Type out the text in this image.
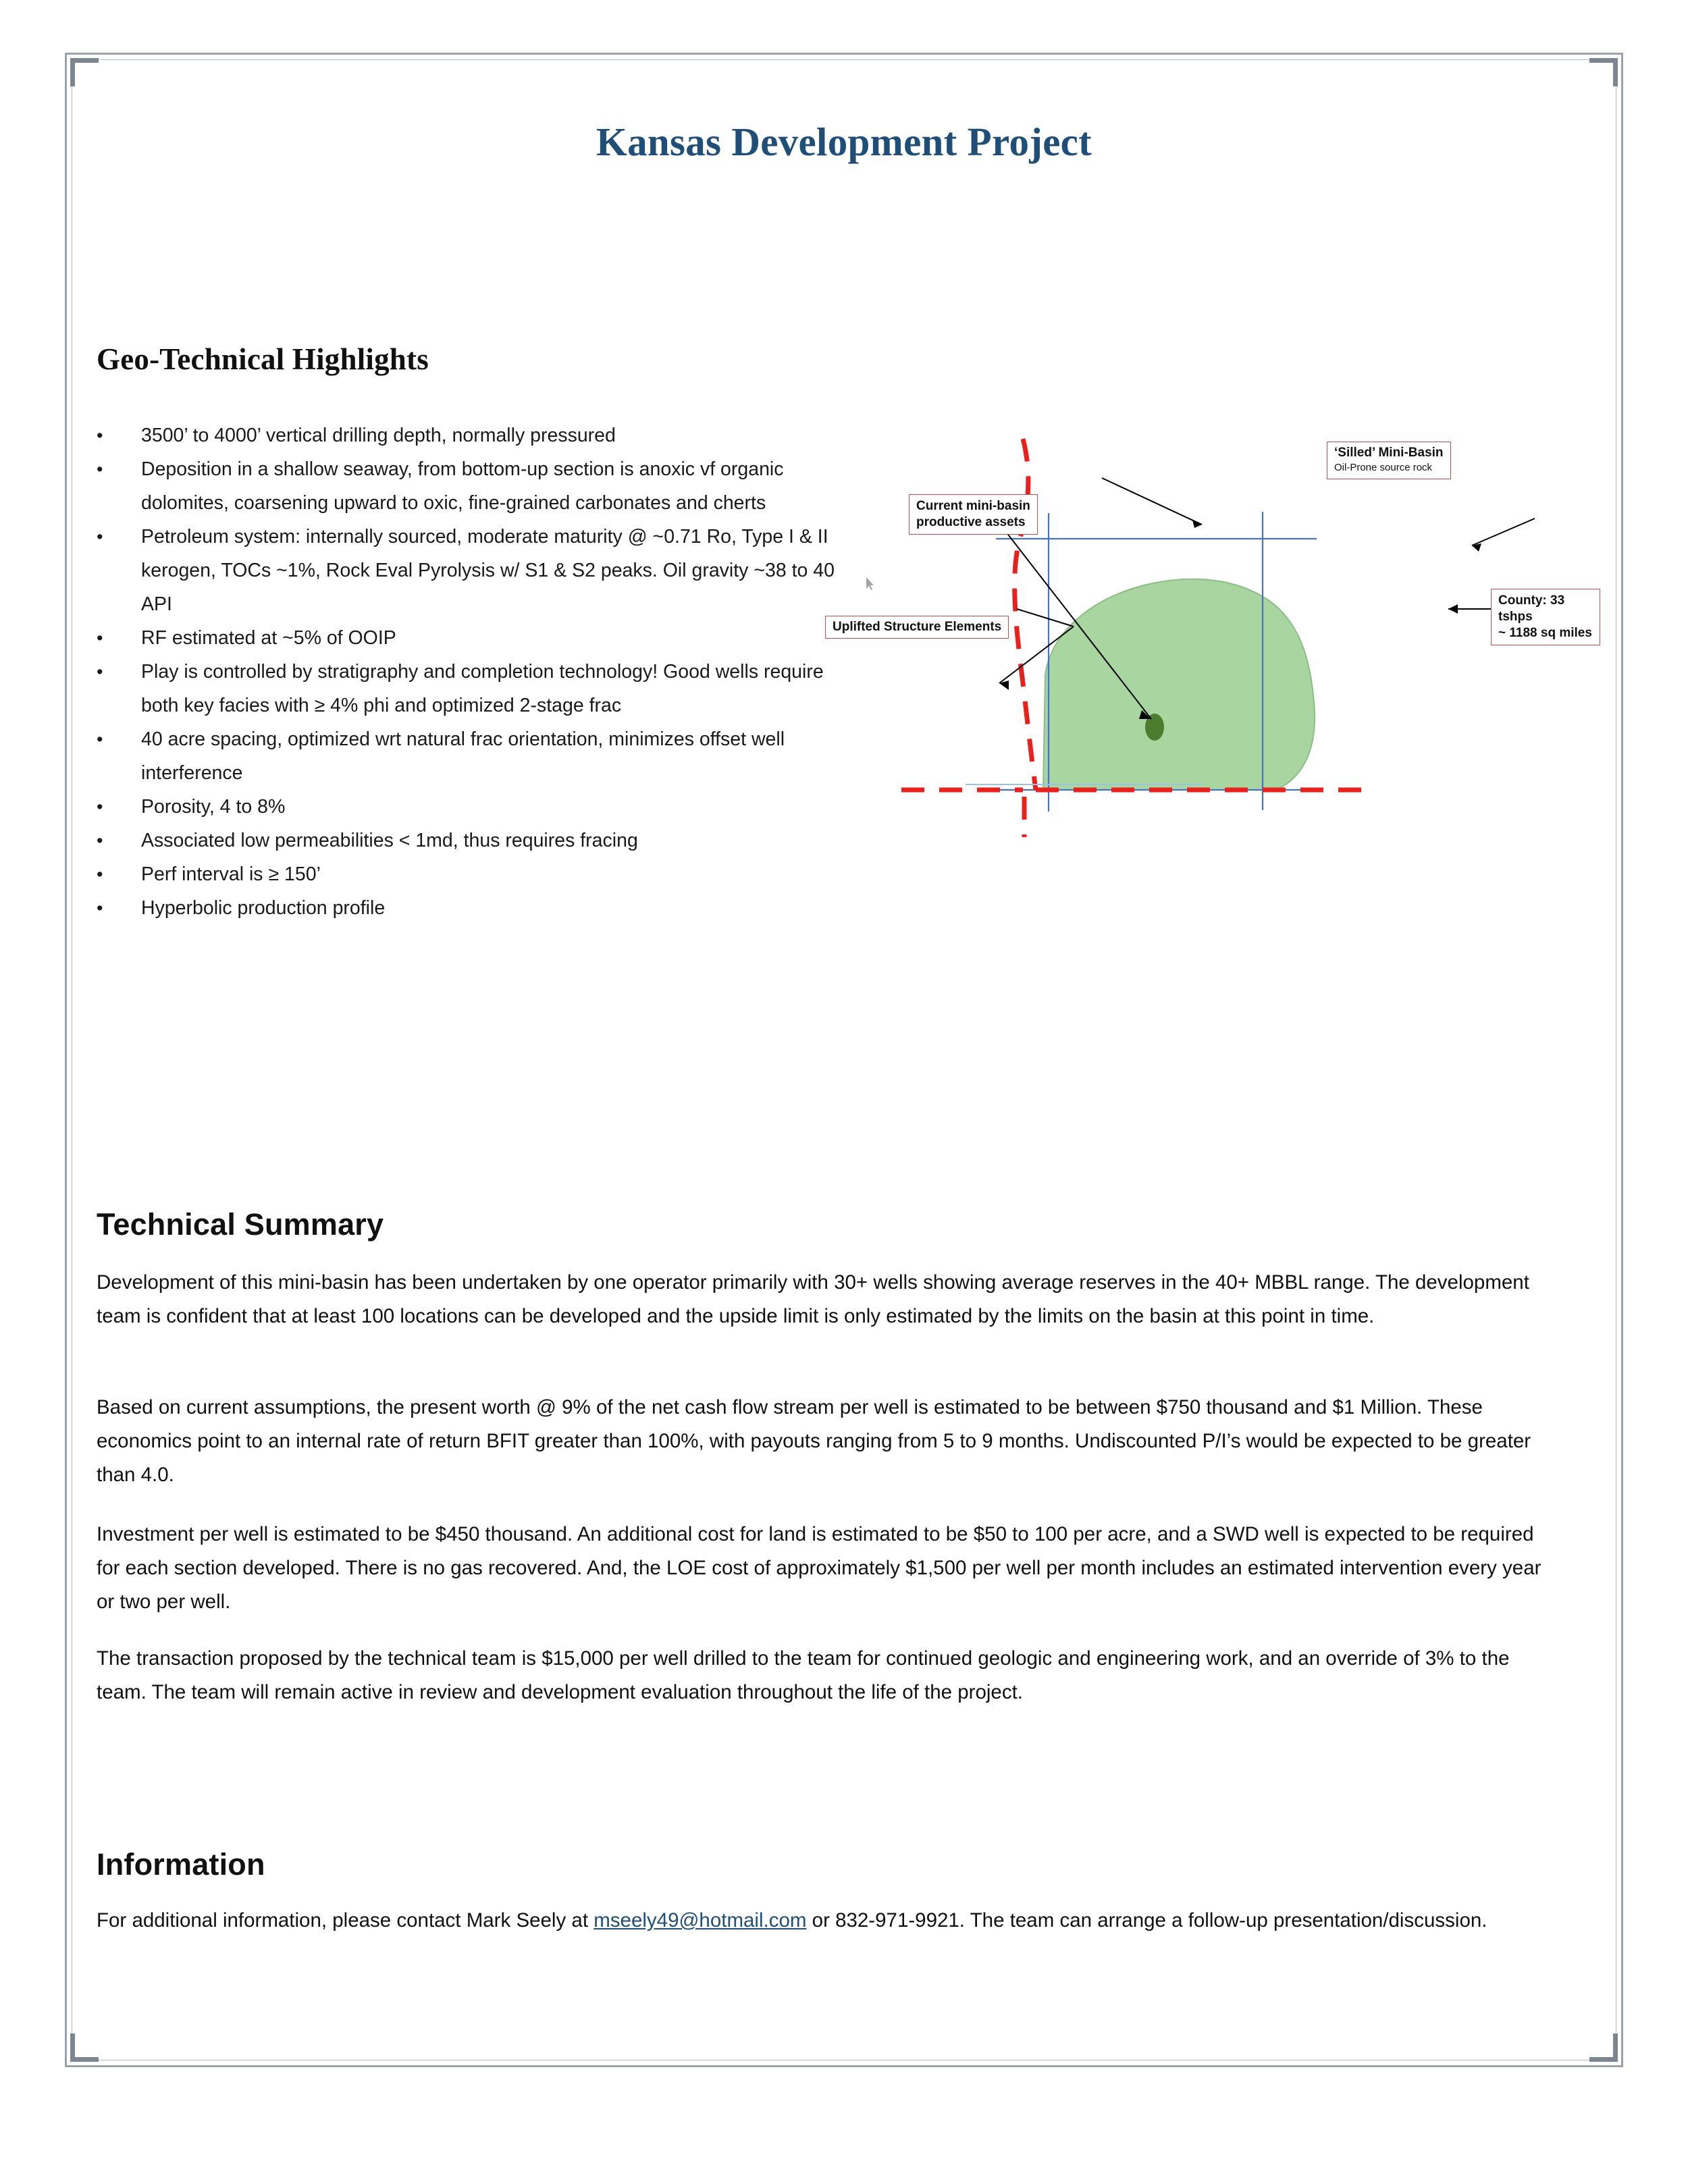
Kansas Development Project
Geo-Technical Highlights
•	3500’ to 4000’ vertical drilling depth, normally pressured
•	Deposition in a shallow seaway, from bottom-up section is anoxic vf organic dolomites, coarsening upward to oxic, fine-grained carbonates and cherts
•	Petroleum system: internally sourced, moderate maturity @ ~0.71 Ro, Type I & II kerogen, TOCs ~1%, Rock Eval Pyrolysis w/ S1 & S2 peaks. Oil gravity ~38 to 40 API
•	RF estimated at ~5% of OOIP
•	Play is controlled by stratigraphy and completion technology! Good wells require both key facies with ≥ 4% phi and optimized 2-stage frac
•	40 acre spacing, optimized wrt natural frac orientation, minimizes offset well interference
•	Porosity, 4 to 8%
•	Associated low permeabilities < 1md, thus requires fracing
•	Perf interval is ≥ 150’
•	Hyperbolic production profile
‘Silled’ Mini-Basin
Oil-Prone source rock
Current mini-basin
productive assets
County: 33 tshps
~ 1188 sq miles
Uplifted Structure Elements
Technical Summary
Development of this mini-basin has been undertaken by one operator primarily with 30+ wells showing average reserves in the 40+ MBBL range. The development team is confident that at least 100 locations can be developed and the upside limit is only estimated by the limits on the basin at this point in time.
Based on current assumptions, the present worth @ 9% of the net cash flow stream per well is estimated to be between $750 thousand and $1 Million. These economics point to an internal rate of return BFIT greater than 100%, with payouts ranging from 5 to 9 months. Undiscounted P/I’s would be expected to be greater than 4.0.
Investment per well is estimated to be $450 thousand. An additional cost for land is estimated to be $50 to 100 per acre, and a SWD well is expected to be required for each section developed. There is no gas recovered. And, the LOE cost of approximately $1,500 per well per month includes an estimated intervention every year or two per well.
The transaction proposed by the technical team is $15,000 per well drilled to the team for continued geologic and engineering work, and an override of 3% to the team. The team will remain active in review and development evaluation throughout the life of the project.
Information
For additional information, please contact Mark Seely at mseely49@hotmail.com or 832-971-9921. The team can arrange a follow-up presentation/discussion.
